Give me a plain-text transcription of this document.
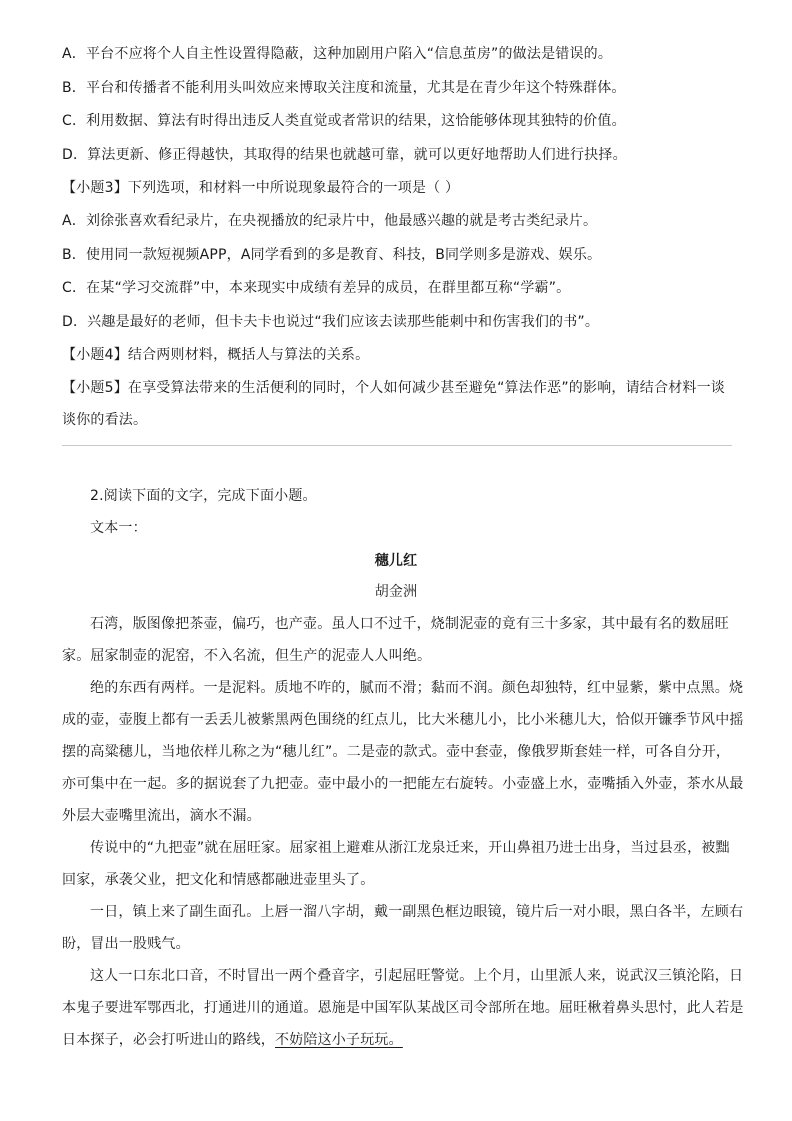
A．平台不应将个人自主性设置得隐蔽，这种加剧用户陷入“信息茧房”的做法是错误的。
B．平台和传播者不能利用头叫效应来博取关注度和流量，尤其是在青少年这个特殊群体。
C．利用数据、算法有时得出违反人类直觉或者常识的结果，这恰能够体现其独特的价值。
D．算法更新、修正得越快，其取得的结果也就越可靠，就可以更好地帮助人们进行抉择。
【小题3】下列选项，和材料一中所说现象最符合的一项是（ ）
A．刘徐张喜欢看纪录片，在央视播放的纪录片中，他最感兴趣的就是考古类纪录片。
B．使用同一款短视频APP，A同学看到的多是教育、科技，B同学则多是游戏、娱乐。
C．在某“学习交流群”中，本来现实中成绩有差异的成员，在群里都互称“学霸”。
D．兴趣是最好的老师，但卡夫卡也说过“我们应该去读那些能刺中和伤害我们的书”。
【小题4】结合两则材料，概括人与算法的关系。
【小题5】在享受算法带来的生活便利的同时，个人如何减少甚至避免“算法作恶”的影响，请结合材料一谈
谈你的看法。
2.阅读下面的文字，完成下面小题。
文本一：
穗儿红
胡金洲
石湾，版图像把茶壶，偏巧，也产壶。虽人口不过千，烧制泥壶的竟有三十多家，其中最有名的数屈旺
家。屈家制壶的泥窑，不入名流，但生产的泥壶人人叫绝。
绝的东西有两样。一是泥料。质地不咋的，腻而不滑；黏而不润。颜色却独特，红中显紫，紫中点黑。烧
成的壶，壶腹上都有一丢丢儿被紫黑两色围绕的红点儿，比大米穗儿小，比小米穗儿大，恰似开镰季节风中摇
摆的高粱穗儿，当地依样儿称之为“穗儿红”。二是壶的款式。壶中套壶，像俄罗斯套娃一样，可各自分开，
亦可集中在一起。多的据说套了九把壶。壶中最小的一把能左右旋转。小壶盛上水，壶嘴插入外壶，茶水从最
外层大壶嘴里流出，滴水不漏。
传说中的“九把壶”就在屈旺家。屈家祖上避难从浙江龙泉迁来，开山鼻祖乃进士出身，当过县丞，被黜
回家，承袭父业，把文化和情感都融进壶里头了。
一日，镇上来了副生面孔。上唇一溜八字胡，戴一副黑色框边眼镜，镜片后一对小眼，黑白各半，左顾右
盼，冒出一股贱气。
这人一口东北口音，不时冒出一两个叠音字，引起屈旺警觉。上个月，山里派人来，说武汉三镇沦陷，日
本鬼子要进军鄂西北，打通进川的通道。恩施是中国军队某战区司令部所在地。屈旺楸着鼻头思忖，此人若是
日本探子，必会打听进山的路线，不妨陪这小子玩玩。
